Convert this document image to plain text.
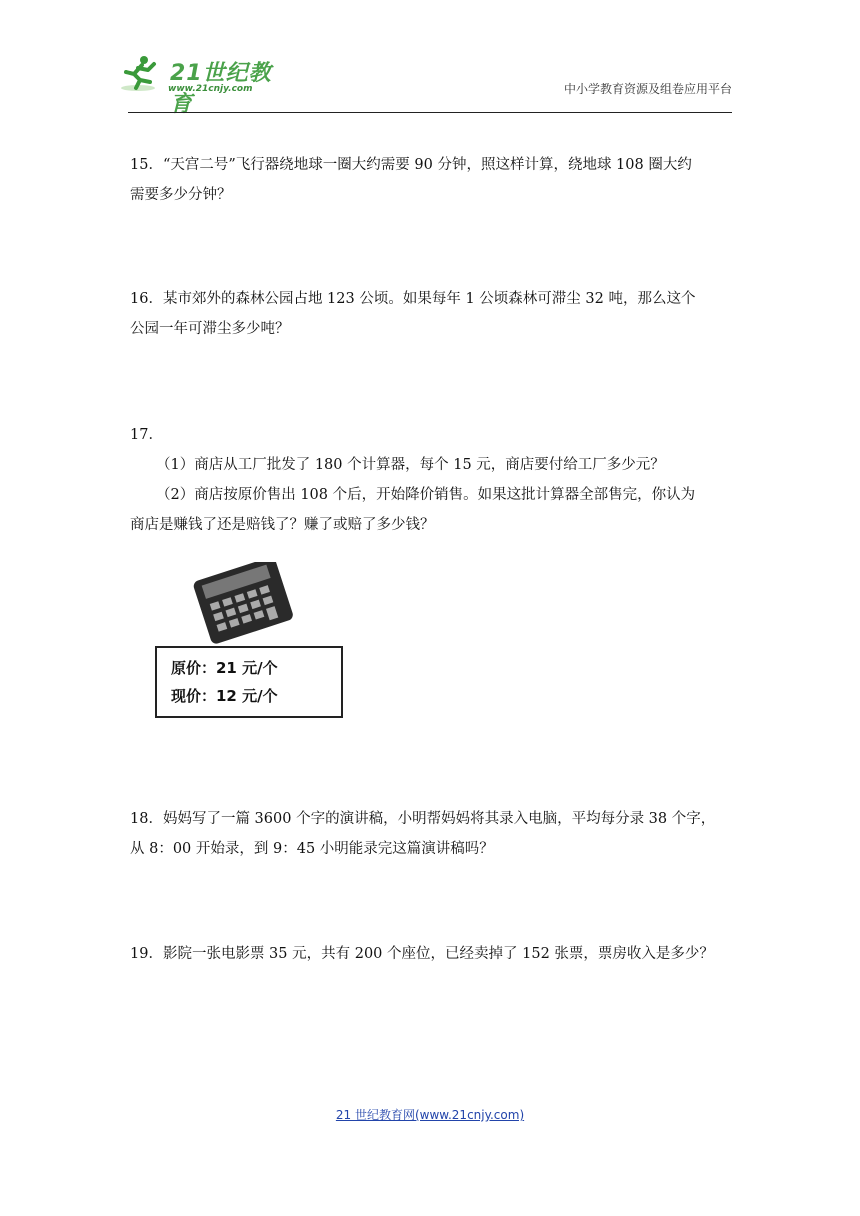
21世纪教育
www.21cnjy.com	中小学教育资源及组卷应用平台

15．“天宫二号”飞行器绕地球一圈大约需要 90 分钟，照这样计算，绕地球 108 圈大约

需要多少分钟？

16．某市郊外的森林公园占地 123 公顷。如果每年 1 公顷森林可滞尘 32 吨，那么这个

公园一年可滞尘多少吨？

17．

（1）商店从工厂批发了 180 个计算器，每个 15 元，商店要付给工厂多少元？

（2）商店按原价售出 108 个后，开始降价销售。如果这批计算器全部售完，你认为

商店是赚钱了还是赔钱了？赚了或赔了多少钱？

原价：21 元/个
现价：12 元/个

18．妈妈写了一篇 3600 个字的演讲稿，小明帮妈妈将其录入电脑，平均每分录 38 个字，

从 8：00 开始录，到 9：45 小明能录完这篇演讲稿吗？

19．影院一张电影票 35 元，共有 200 个座位，已经卖掉了 152 张票，票房收入是多少？

21 世纪教育网(www.21cnjy.com)
